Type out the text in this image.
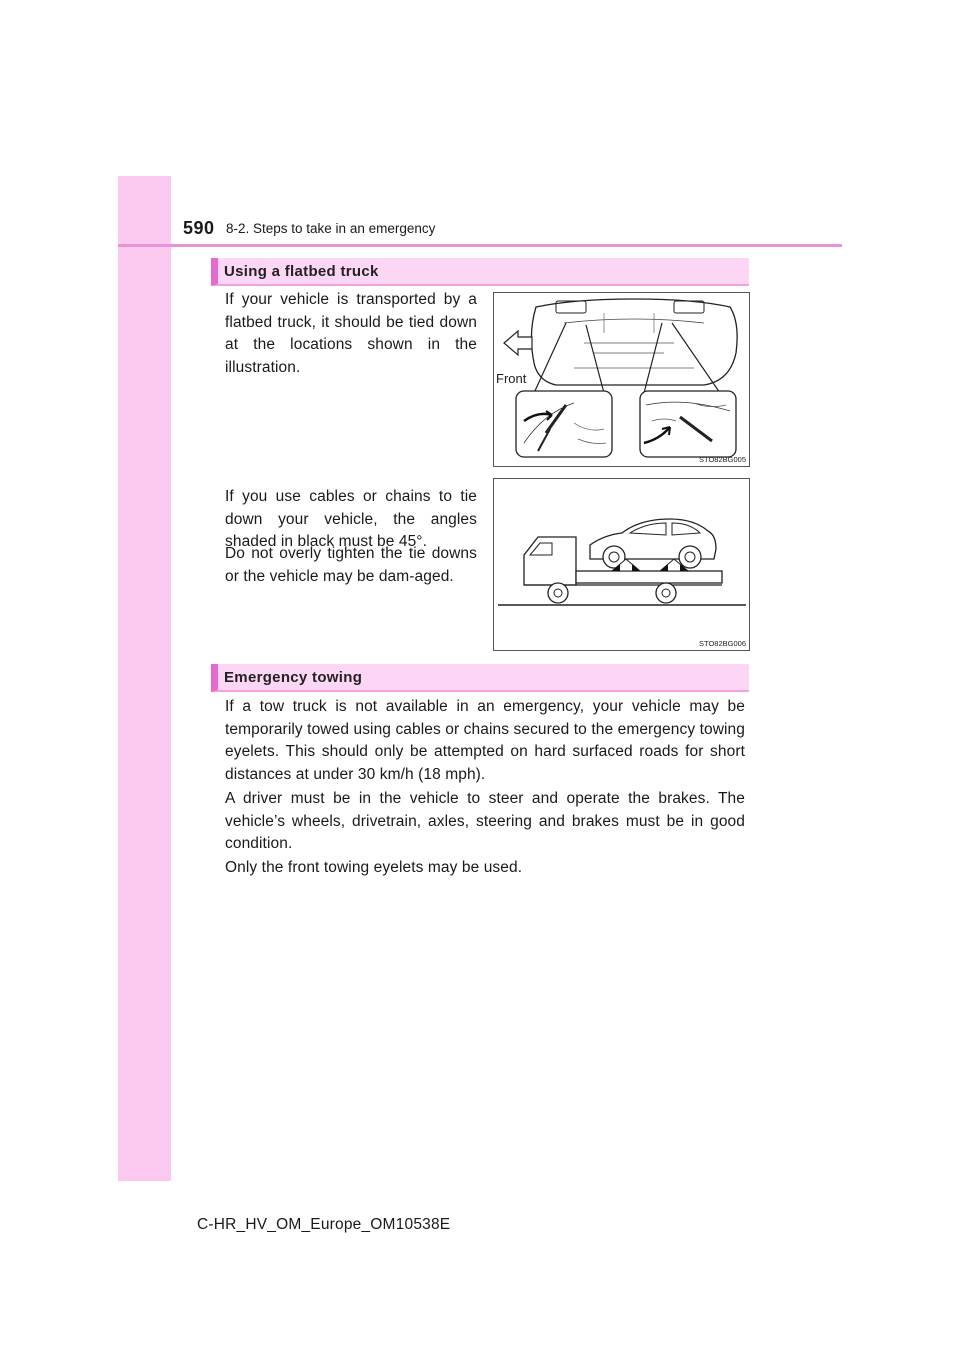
590 8-2. Steps to take in an emergency
Using a flatbed truck
If your vehicle is transported by a flatbed truck, it should be tied down at the locations shown in the illustration.
If you use cables or chains to tie down your vehicle, the angles shaded in black must be 45°.
Do not overly tighten the tie downs or the vehicle may be dam-aged.
Front
STO82BG005
STO82BG006
Emergency towing
If a tow truck is not available in an emergency, your vehicle may be temporarily towed using cables or chains secured to the emergency towing eyelets. This should only be attempted on hard surfaced roads for short distances at under 30 km/h (18 mph).
A driver must be in the vehicle to steer and operate the brakes. The vehicle’s wheels, drivetrain, axles, steering and brakes must be in good condition.
Only the front towing eyelets may be used.
C-HR_HV_OM_Europe_OM10538E
